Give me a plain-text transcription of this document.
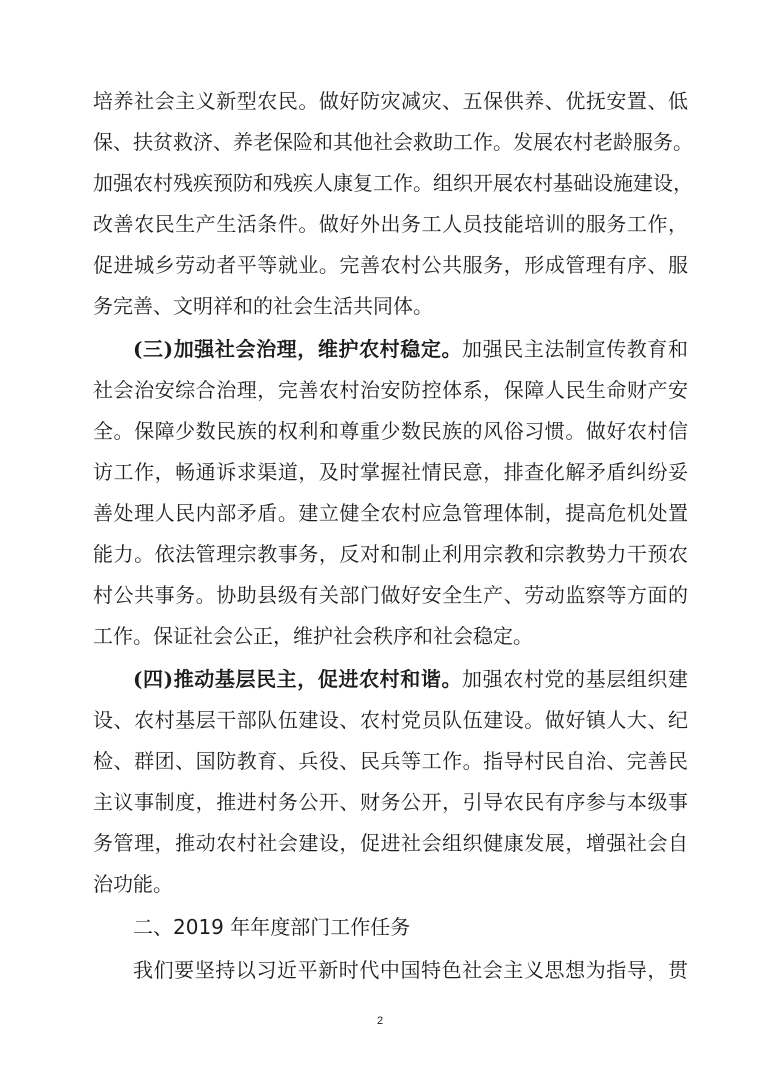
培养社会主义新型农民。做好防灾减灾、五保供养、优抚安置、低
保、扶贫救济、养老保险和其他社会救助工作。发展农村老龄服务。
加强农村残疾预防和残疾人康复工作。组织开展农村基础设施建设，
改善农民生产生活条件。做好外出务工人员技能培训的服务工作，
促进城乡劳动者平等就业。完善农村公共服务，形成管理有序、服
务完善、文明祥和的社会生活共同体。
(三)加强社会治理，维护农村稳定。加强民主法制宣传教育和
社会治安综合治理，完善农村治安防控体系，保障人民生命财产安
全。保障少数民族的权利和尊重少数民族的风俗习惯。做好农村信
访工作，畅通诉求渠道，及时掌握社情民意，排查化解矛盾纠纷妥
善处理人民内部矛盾。建立健全农村应急管理体制，提高危机处置
能力。依法管理宗教事务，反对和制止利用宗教和宗教势力干预农
村公共事务。协助县级有关部门做好安全生产、劳动监察等方面的
工作。保证社会公正，维护社会秩序和社会稳定。
(四)推动基层民主，促进农村和谐。加强农村党的基层组织建
设、农村基层干部队伍建设、农村党员队伍建设。做好镇人大、纪
检、群团、国防教育、兵役、民兵等工作。指导村民自治、完善民
主议事制度，推进村务公开、财务公开，引导农民有序参与本级事
务管理，推动农村社会建设，促进社会组织健康发展，增强社会自
治功能。
二、2019 年年度部门工作任务
我们要坚持以习近平新时代中国特色社会主义思想为指导，贯
2
